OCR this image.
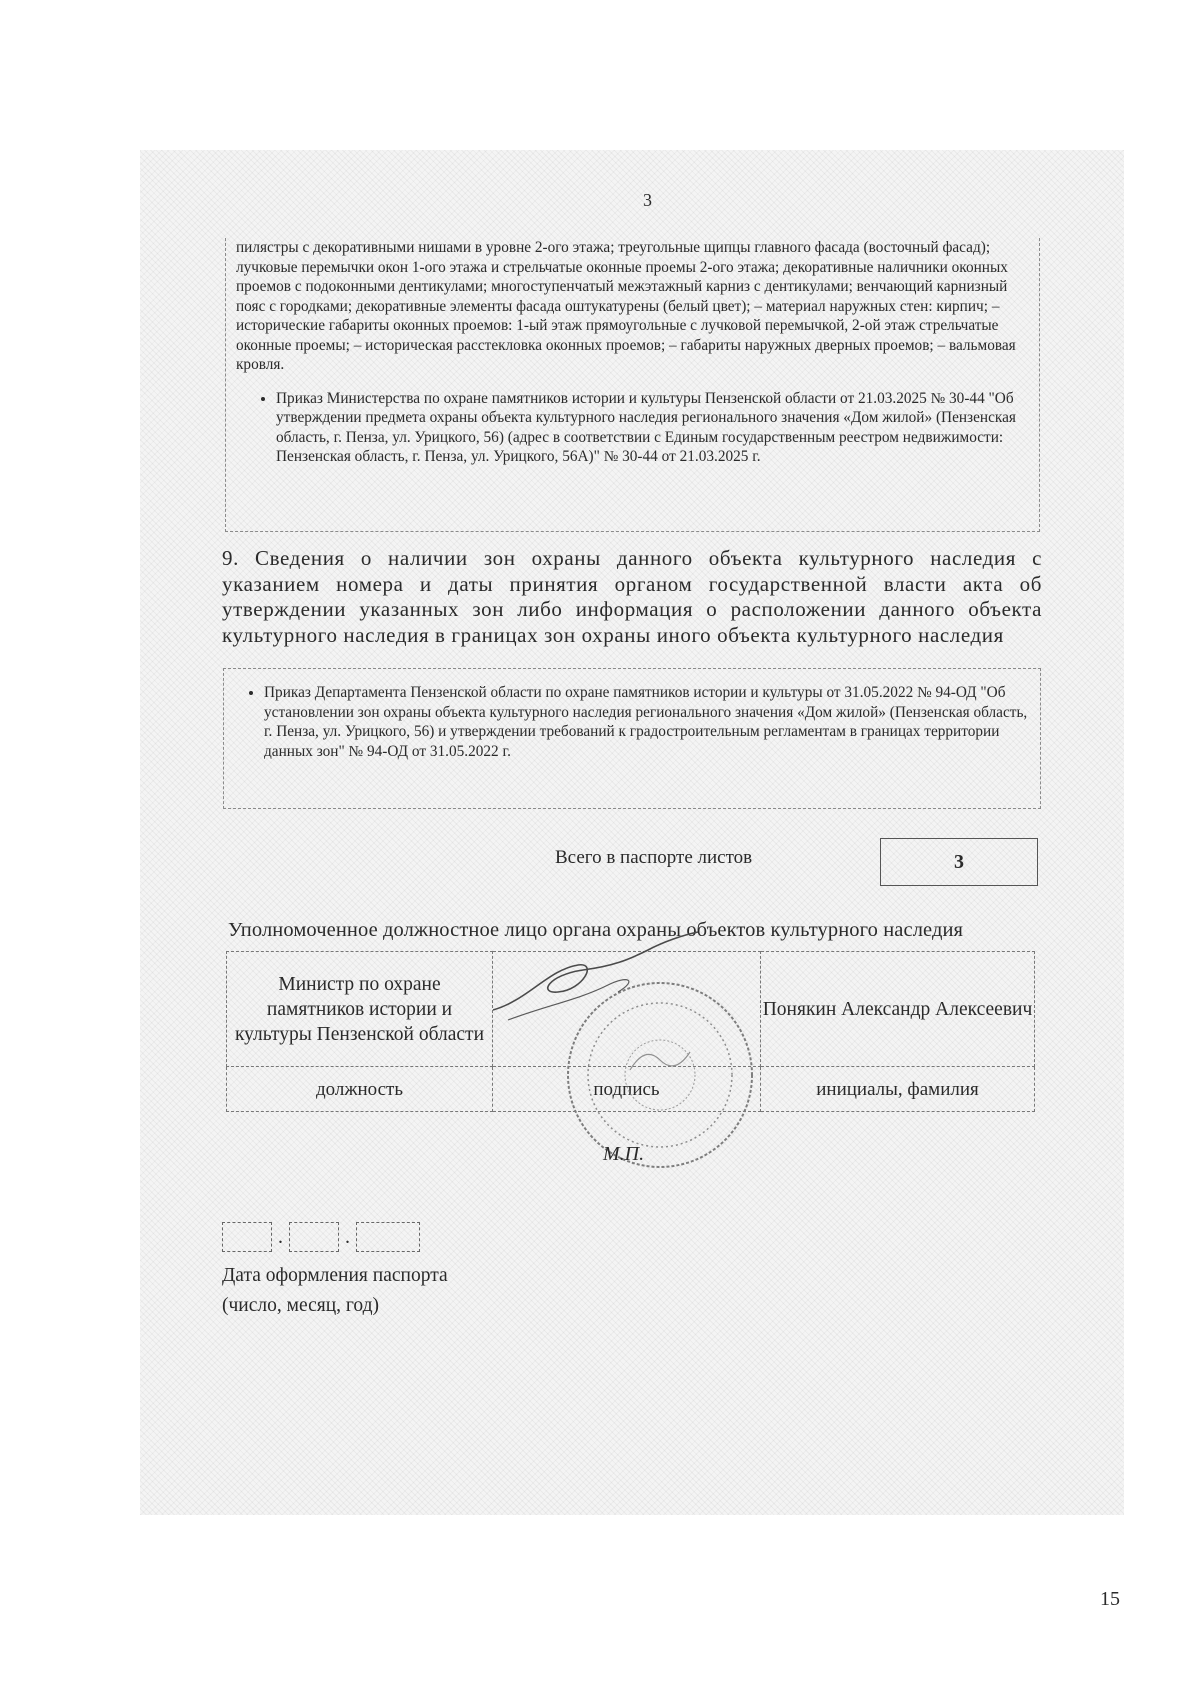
3

пилястры с декоративными нишами в уровне 2-ого этажа; треугольные щипцы главного фасада (восточный фасад); лучковые перемычки окон 1-ого этажа и стрельчатые оконные проемы 2-ого этажа; декоративные наличники оконных проемов с подоконными дентикулами; многоступенчатый межэтажный карниз с дентикулами; венчающий карнизный пояс с городками; декоративные элементы фасада оштукатурены (белый цвет); – материал наружных стен: кирпич; – исторические габариты оконных проемов: 1-ый этаж прямоугольные с лучковой перемычкой, 2-ой этаж стрельчатые оконные проемы; – историческая расстекловка оконных проемов; – габариты наружных дверных проемов; – вальмовая кровля.

• Приказ Министерства по охране памятников истории и культуры Пензенской области от 21.03.2025 № 30-44 "Об утверждении предмета охраны объекта культурного наследия регионального значения «Дом жилой» (Пензенская область, г. Пенза, ул. Урицкого, 56) (адрес в соответствии с Единым государственным реестром недвижимости: Пензенская область, г. Пенза, ул. Урицкого, 56А)" № 30-44 от 21.03.2025 г.

9. Сведения о наличии зон охраны данного объекта культурного наследия с указанием номера и даты принятия органом государственной власти акта об утверждении указанных зон либо информация о расположении данного объекта культурного наследия в границах зон охраны иного объекта культурного наследия

• Приказ Департамента Пензенской области по охране памятников истории и культуры от 31.05.2022 № 94-ОД "Об установлении зон охраны объекта культурного наследия регионального значения «Дом жилой» (Пензенская область, г. Пенза, ул. Урицкого, 56) и утверждении требований к градостроительным регламентам в границах территории данных зон" № 94-ОД от 31.05.2022 г.
Всего в паспорте листов	3
Уполномоченное должностное лицо органа охраны объектов культурного наследия
Министр по охране памятников истории и культуры Пензенской области		Понякин Александр Алексеевич
должность	подпись	инициалы, фамилия
М.П.
.	.
Дата оформления паспорта
(число, месяц, год)
15
